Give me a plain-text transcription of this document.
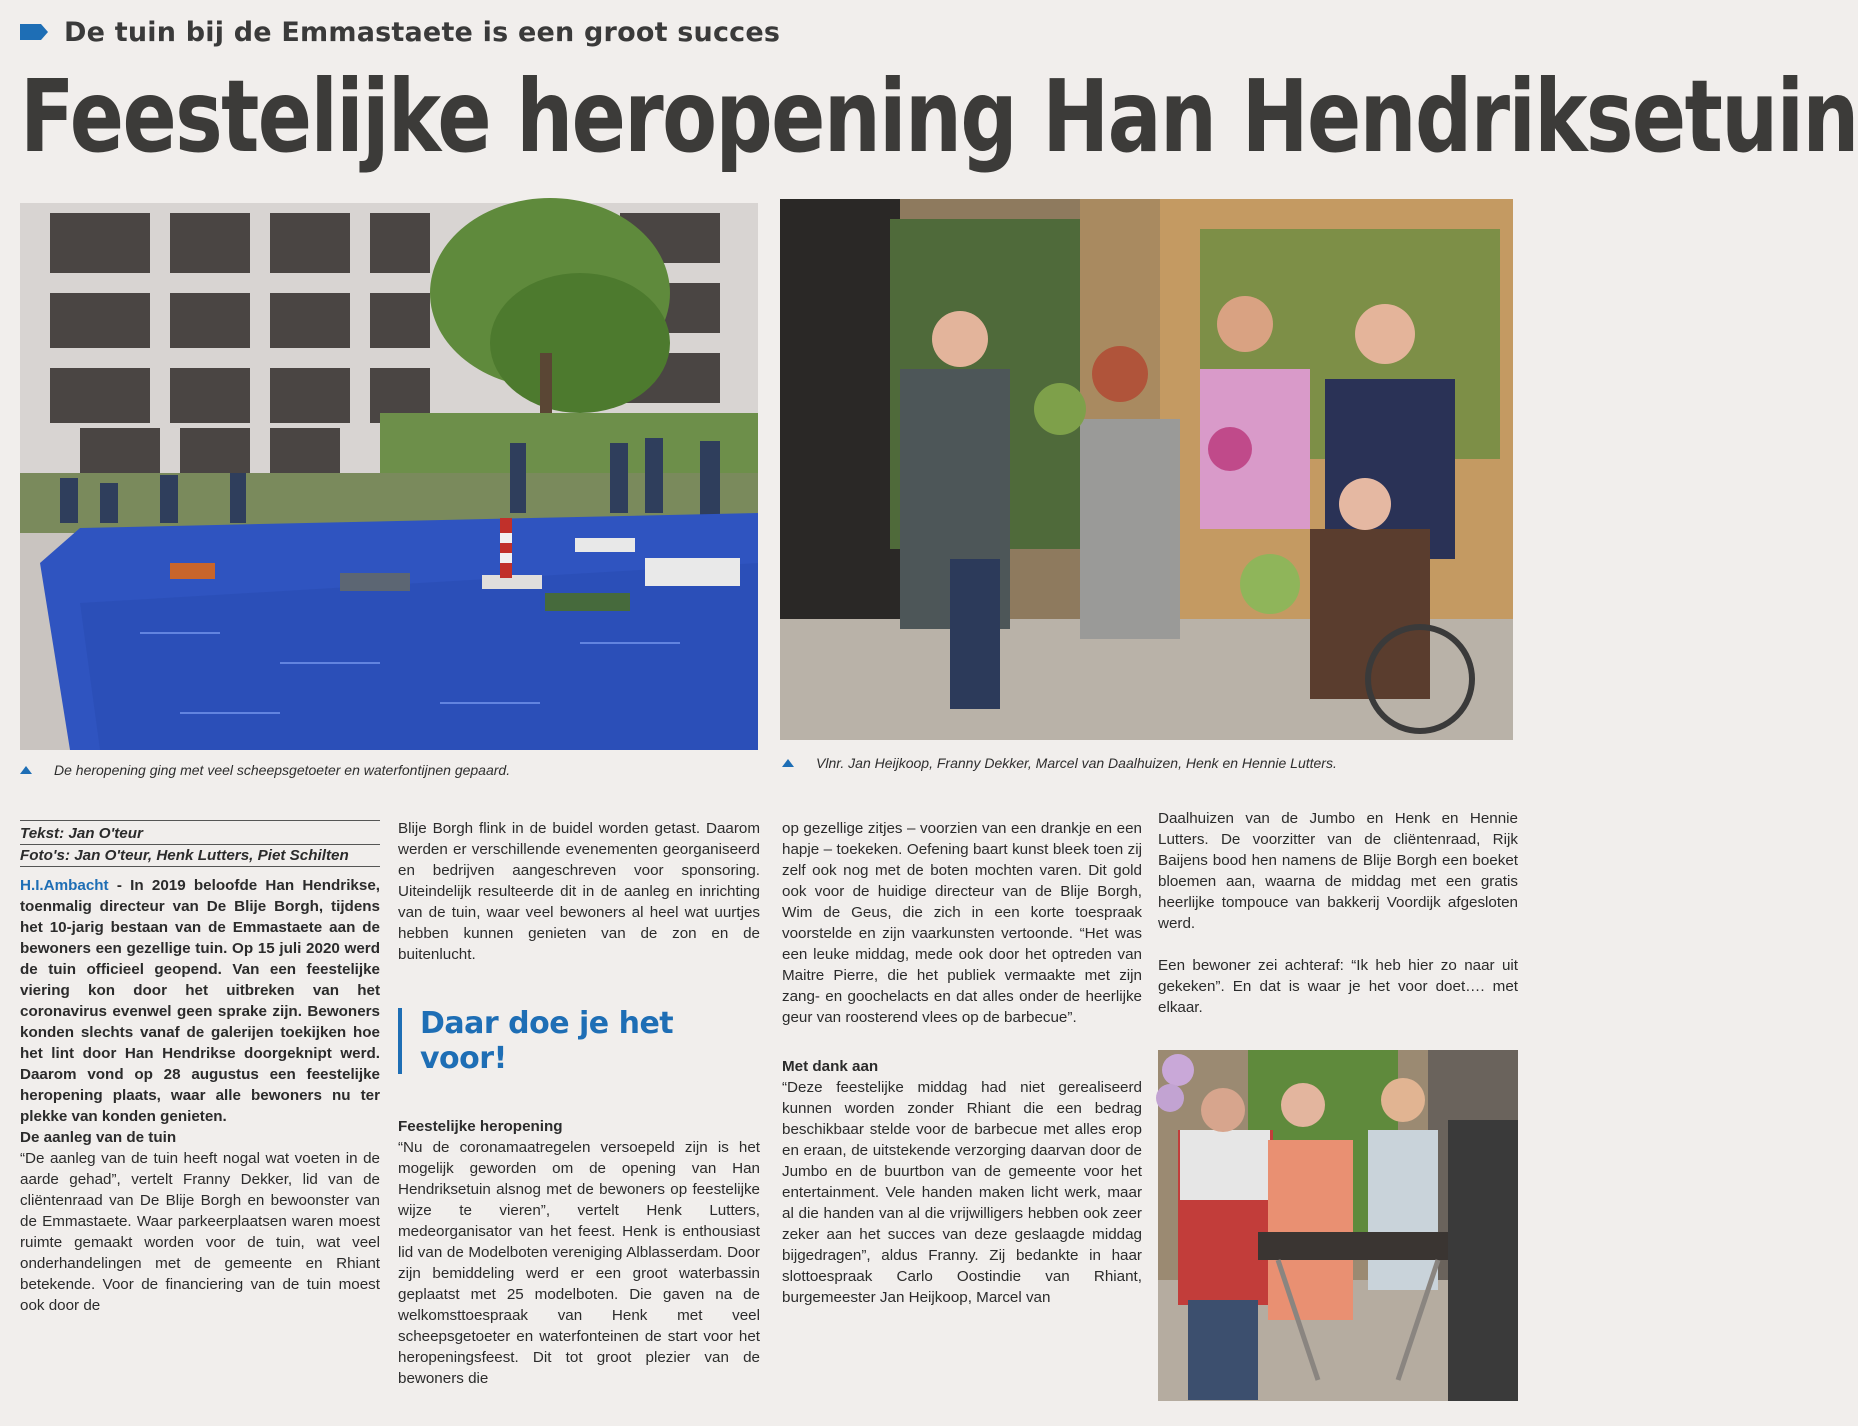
De tuin bij de Emmastaete is een groot succes
Feestelijke heropening Han Hendriksetuin
De heropening ging met veel scheepsgetoeter en waterfontijnen gepaard.	Vlnr. Jan Heijkoop, Franny Dekker, Marcel van Daalhuizen, Henk en Hennie Lutters.
Tekst: Jan O'teur
Foto's: Jan O'teur, Henk Lutters, Piet Schilten

H.I.Ambacht - In 2019 beloofde Han Hendrikse, toenmalig directeur van De Blije Borgh, tijdens het 10-jarig bestaan van de Emmastaete aan de bewoners een gezellige tuin. Op 15 juli 2020 werd de tuin officieel geopend. Van een feestelijke viering kon door het uitbreken van het coronavirus evenwel geen sprake zijn. Bewoners konden slechts vanaf de galerijen toekijken hoe het lint door Han Hendrikse doorgeknipt werd. Daarom vond op 28 augustus een feestelijke heropening plaats, waar alle bewoners nu ter plekke van konden genieten.

De aanleg van de tuin

“De aanleg van de tuin heeft nogal wat voeten in de aarde gehad”, vertelt Franny Dekker, lid van de cliëntenraad van De Blije Borgh en bewoonster van de Emmastaete. Waar parkeerplaatsen waren moest ruimte gemaakt worden voor de tuin, wat veel onderhandelingen met de gemeente en Rhiant betekende. Voor de financiering van de tuin moest ook door de

Blije Borgh flink in de buidel worden getast. Daarom werden er verschillende evenementen georganiseerd en bedrijven aangeschreven voor sponsoring. Uiteindelijk resulteerde dit in de aanleg en inrichting van de tuin, waar veel bewoners al heel wat uurtjes hebben kunnen genieten van de zon en de buitenlucht.

Daar doe je het voor!

Feestelijke heropening

“Nu de coronamaatregelen versoepeld zijn is het mogelijk geworden om de opening van Han Hendriksetuin alsnog met de bewoners op feestelijke wijze te vieren”, vertelt Henk Lutters, medeorganisator van het feest. Henk is enthousiast lid van de Modelboten vereniging Alblasserdam. Door zijn bemiddeling werd er een groot waterbassin geplaatst met 25 modelboten. Die gaven na de welkomsttoespraak van Henk met veel scheepsgetoeter en waterfonteinen de start voor het heropeningsfeest. Dit tot groot plezier van de bewoners die

op gezellige zitjes – voorzien van een drankje en een hapje – toekeken. Oefening baart kunst bleek toen zij zelf ook nog met de boten mochten varen. Dit gold ook voor de huidige directeur van de Blije Borgh, Wim de Geus, die zich in een korte toespraak voorstelde en zijn vaarkunsten vertoonde. “Het was een leuke middag, mede ook door het optreden van Maitre Pierre, die het publiek vermaakte met zijn zang- en goochelacts en dat alles onder de heerlijke geur van roosterend vlees op de barbecue”.

Met dank aan

“Deze feestelijke middag had niet gerealiseerd kunnen worden zonder Rhiant die een bedrag beschikbaar stelde voor de barbecue met alles erop en eraan, de uitstekende verzorging daarvan door de Jumbo en de buurtbon van de gemeente voor het entertainment. Vele handen maken licht werk, maar al die handen van al die vrijwilligers hebben ook zeer zeker aan het succes van deze geslaagde middag bijgedragen”, aldus Franny. Zij bedankte in haar slottoespraak Carlo Oostindie van Rhiant, burgemeester Jan Heijkoop, Marcel van

Daalhuizen van de Jumbo en Henk en Hennie Lutters. De voorzitter van de cliëntenraad, Rijk Baijens bood hen namens de Blije Borgh een boeket bloemen aan, waarna de middag met een gratis heerlijke tompouce van bakkerij Voordijk afgesloten werd.

Een bewoner zei achteraf: “Ik heb hier zo naar uit gekeken”. En dat is waar je het voor doet…. met elkaar.
